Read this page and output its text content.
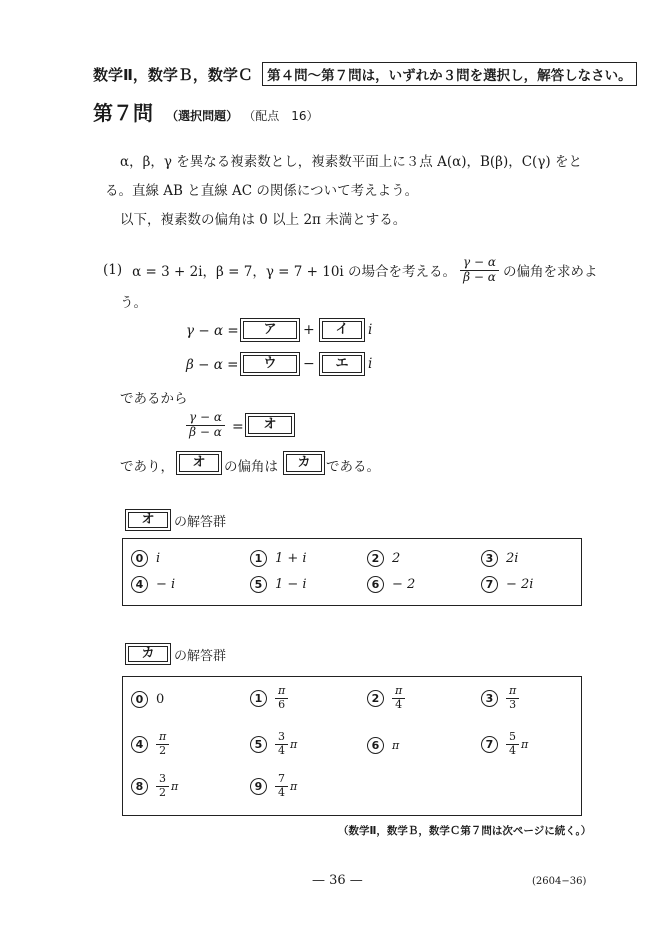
数学Ⅱ，数学Ｂ，数学Ｃ 第４問～第７問は，いずれか３問を選択し，解答しなさい。
第７問 （選択問題） （配点　16）
α，β，γ を異なる複素数とし，複素数平面上に３点 A(α)，B(β)，C(γ) をと
る。直線 AB と直線 AC の関係について考えよう。
以下，複素数の偏角は 0 以上 2π 未満とする。
(1) α = 3 + 2i，β = 7，γ = 7 + 10i の場合を考える。 $\frac{\gamma - \alpha}{\beta - \alpha}$ の偏角を求めよ
う。
γ − α =	ア	+	イ	i
β − α =	ウ	−	エ	i
であるから
$\frac{\gamma - \alpha}{\beta - \alpha}$ =	オ
であり，	オ	の偏角は	カ	である。
オ	の解答群
0 i	1 1 + i	2 2	3 2i
4 − i	5 1 − i	6 − 2	7 − 2i
カ	の解答群
0 0	1	$\frac{\pi}{6}$	2	$\frac{\pi}{4}$	3	$\frac{\pi}{3}$
4	$\frac{\pi}{2}$	5	$\frac{3}{4}$ π	6	π	7	$\frac{5}{4}$ π
8	$\frac{3}{2}$ π	9	$\frac{7}{4}$ π
（数学Ⅱ，数学Ｂ，数学Ｃ第７問は次ページに続く。）
— 36 —	(2604−36)
